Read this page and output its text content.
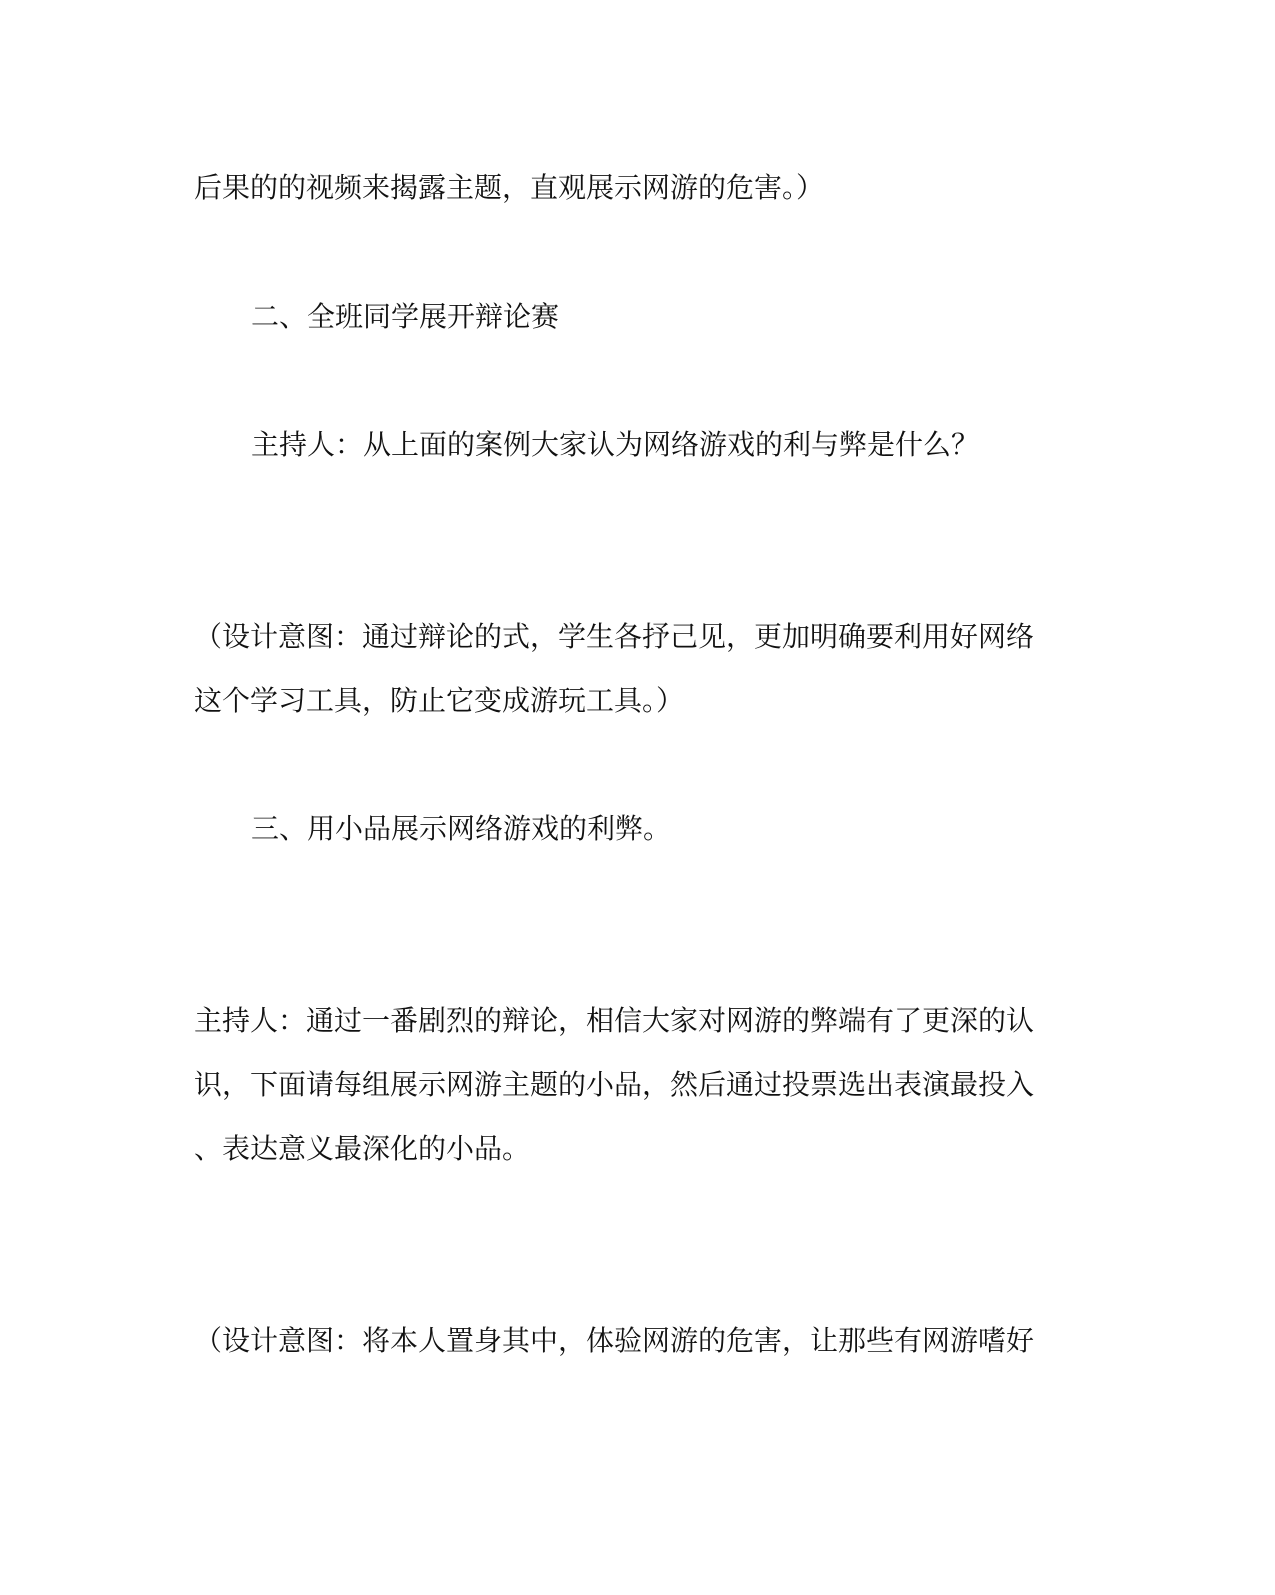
后果的的视频来揭露主题，直观展示网游的危害。）

二、全班同学展开辩论赛

主持人：从上面的案例大家认为网络游戏的利与弊是什么？

（设计意图：通过辩论的式，学生各抒己见，更加明确要利用好网络

这个学习工具，防止它变成游玩工具。）

三、用小品展示网络游戏的利弊。

主持人：通过一番剧烈的辩论，相信大家对网游的弊端有了更深的认

识，下面请每组展示网游主题的小品，然后通过投票选出表演最投入

、表达意义最深化的小品。

（设计意图：将本人置身其中，体验网游的危害，让那些有网游嗜好
